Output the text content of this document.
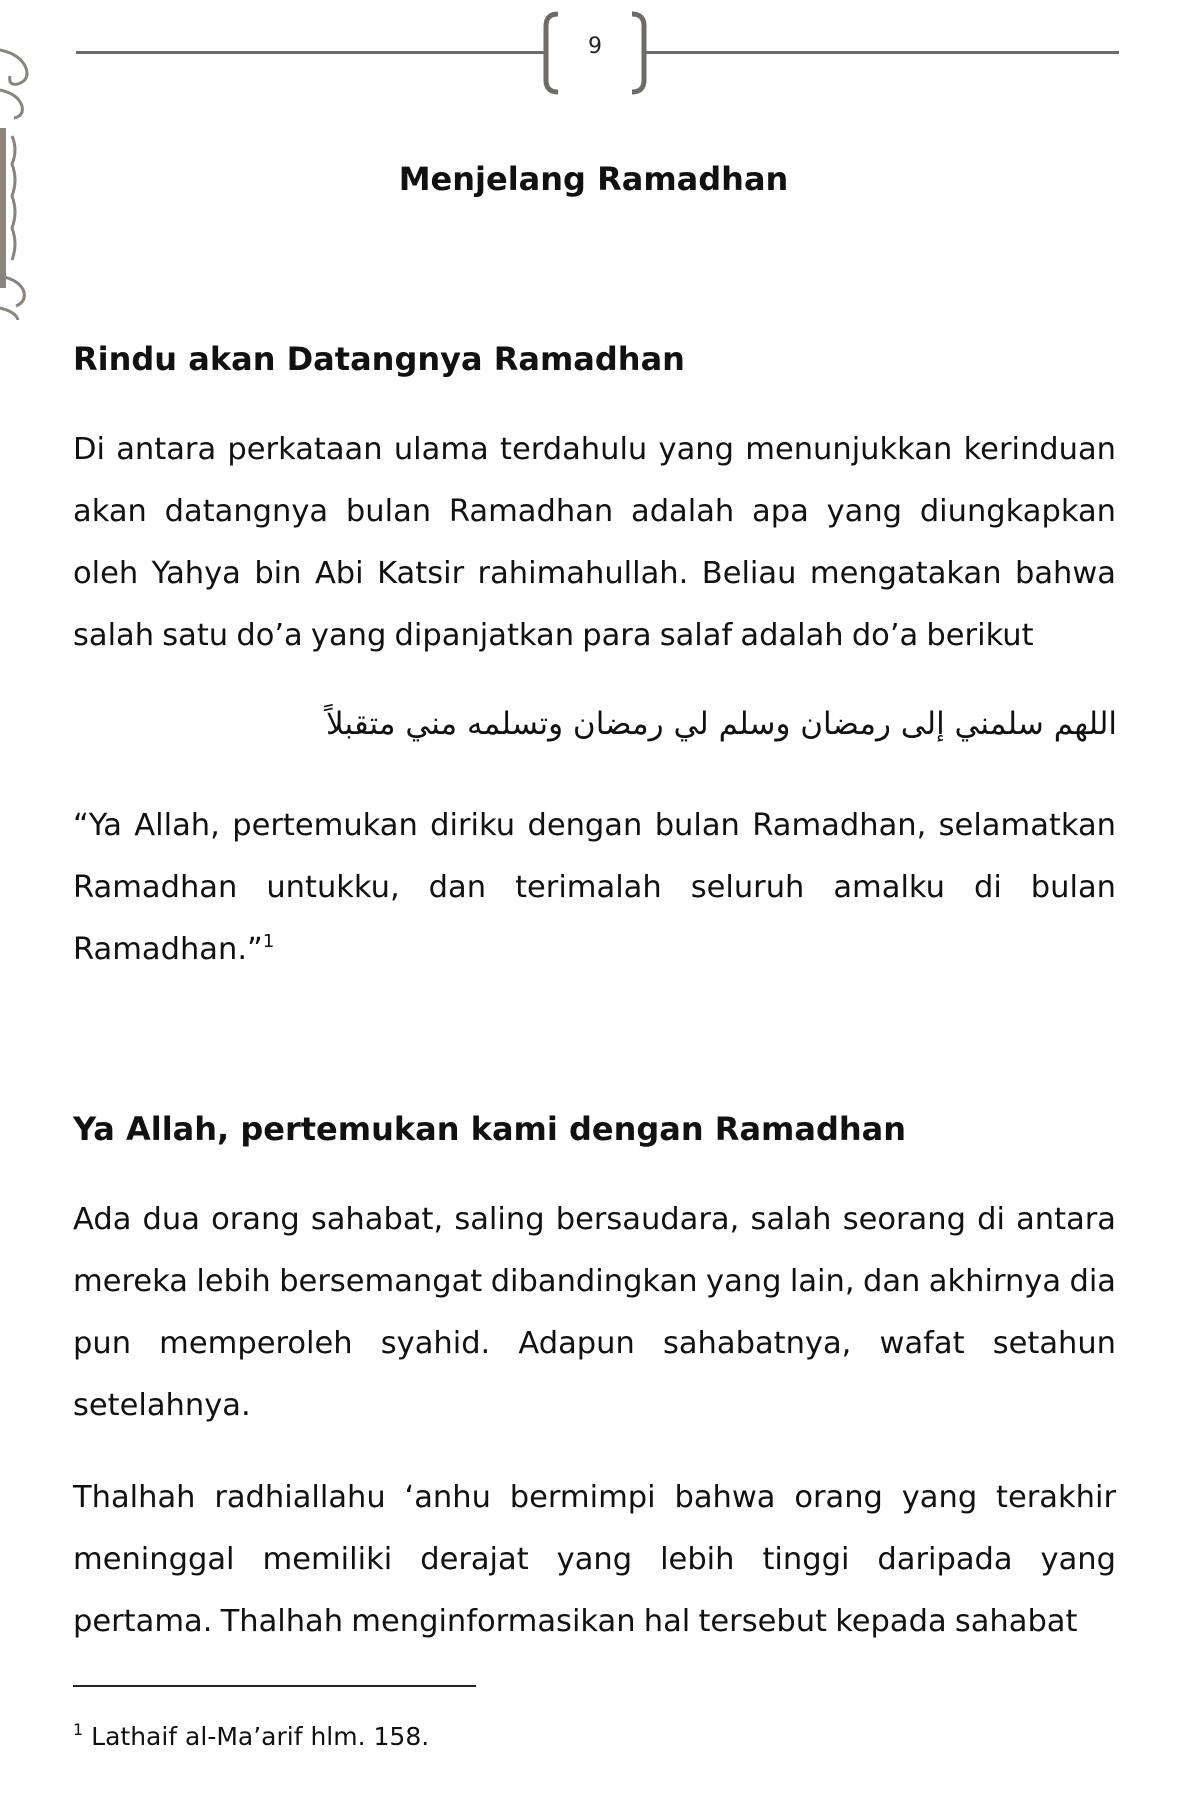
9
Menjelang Ramadhan
Rindu akan Datangnya Ramadhan

Di antara perkataan ulama terdahulu yang menunjukkan kerinduan akan datangnya bulan Ramadhan adalah apa yang diungkapkan oleh Yahya bin Abi Katsir rahimahullah. Beliau mengatakan bahwa salah satu do’a yang dipanjatkan para salaf adalah do’a berikut

اللهم سلمني إلى رمضان وسلم لي رمضان وتسلمه مني متقبلاً

“Ya Allah, pertemukan diriku dengan bulan Ramadhan, selamatkan Ramadhan untukku, dan terimalah seluruh amalku di bulan Ramadhan.”$^1$

Ya Allah, pertemukan kami dengan Ramadhan

Ada dua orang sahabat, saling bersaudara, salah seorang di antara mereka lebih bersemangat dibandingkan yang lain, dan akhirnya dia pun memperoleh syahid. Adapun sahabatnya, wafat setahun setelahnya.

Thalhah radhiallahu ‘anhu bermimpi bahwa orang yang terakhir meninggal memiliki derajat yang lebih tinggi daripada yang pertama. Thalhah menginformasikan hal tersebut kepada sahabat

$^1$ Lathaif al-Ma’arif hlm. 158.
